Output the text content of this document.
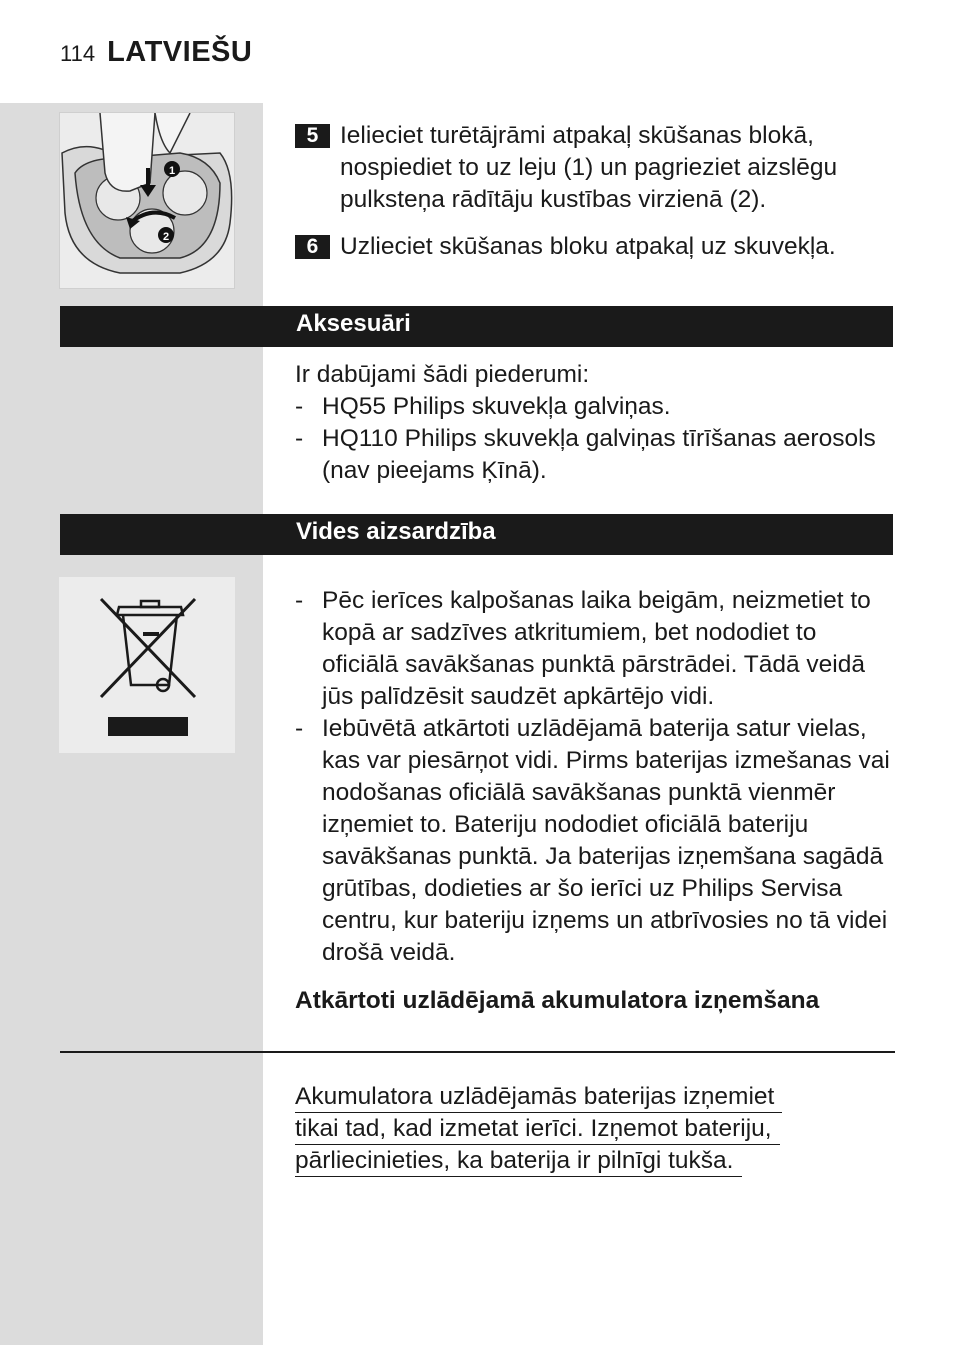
114 LATVIEŠU
1
2
5 Ielieciet turētājrāmi atpakaļ skūšanas blokā, nospiediet to uz leju (1) un pagrieziet aizslēgu pulksteņa rādītāju kustības virzienā (2).
6 Uzlieciet skūšanas bloku atpakaļ uz skuvekļa.
Aksesuāri
Ir dabūjami šādi piederumi:
- HQ55 Philips skuvekļa galviņas.
- HQ110 Philips skuvekļa galviņas tīrīšanas aerosols (nav pieejams Ķīnā).
Vides aizsardzība
- Pēc ierīces kalpošanas laika beigām, neizmetiet to kopā ar sadzīves atkritumiem, bet nododiet to oficiālā savākšanas punktā pārstrādei. Tādā veidā jūs palīdzēsit saudzēt apkārtējo vidi.
- Iebūvētā atkārtoti uzlādējamā baterija satur vielas, kas var piesārņot vidi. Pirms baterijas izmešanas vai nodošanas oficiālā savākšanas punktā vienmēr izņemiet to. Bateriju nododiet oficiālā bateriju savākšanas punktā. Ja baterijas izņemšana sagādā grūtības, dodieties ar šo ierīci uz Philips Servisa centru, kur bateriju izņems un atbrīvosies no tā videi drošā veidā.
Atkārtoti uzlādējamā akumulatora izņemšana
Akumulatora uzlādējamās baterijas izņemiet
tikai tad, kad izmetat ierīci. Izņemot bateriju,
pārliecinieties, ka baterija ir pilnīgi tukša.
